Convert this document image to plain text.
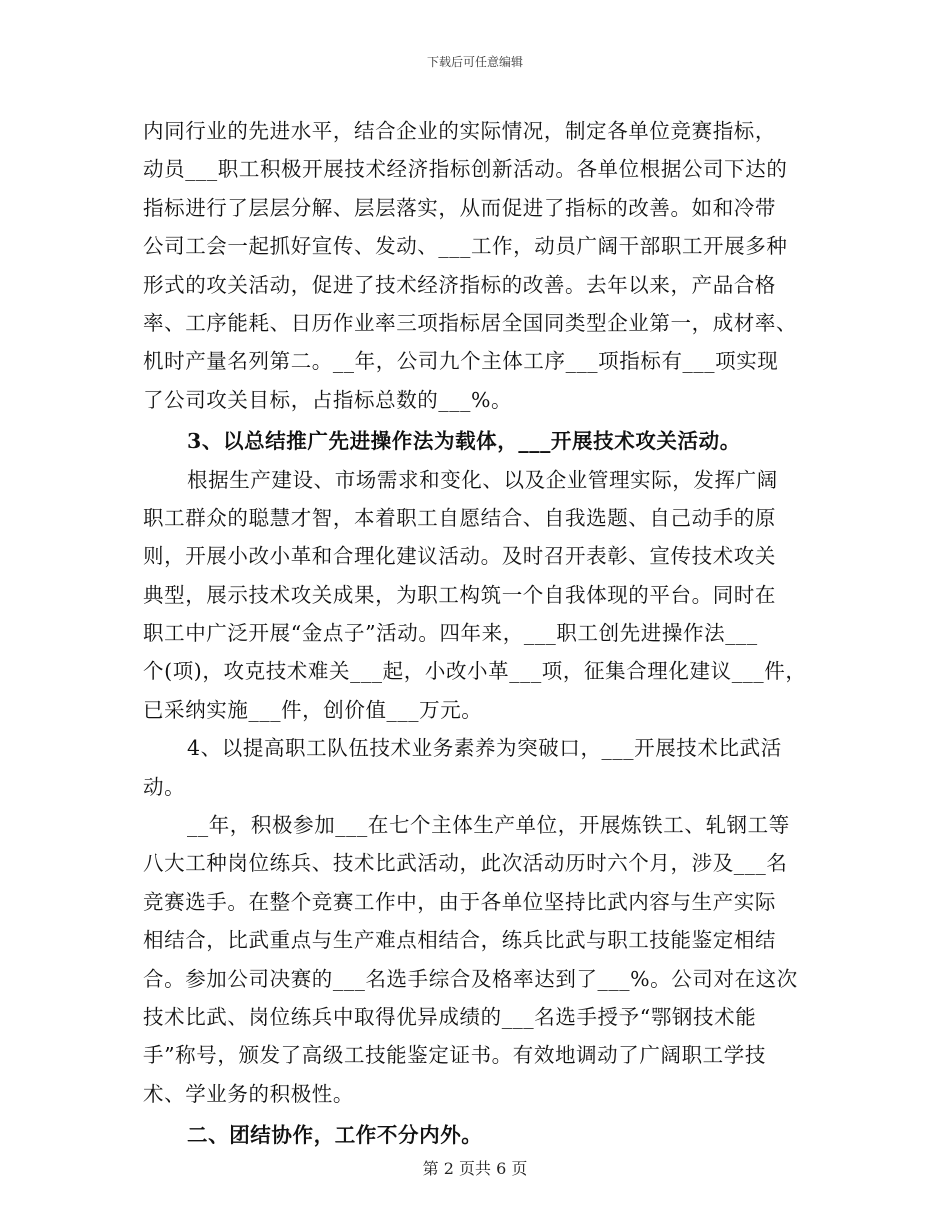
下载后可任意编辑
内同行业的先进水平，结合企业的实际情况，制定各单位竞赛指标，
动员___职工积极开展技术经济指标创新活动。各单位根据公司下达的
指标进行了层层分解、层层落实，从而促进了指标的改善。如和冷带
公司工会一起抓好宣传、发动、___工作，动员广阔干部职工开展多种
形式的攻关活动，促进了技术经济指标的改善。去年以来，产品合格
率、工序能耗、日历作业率三项指标居全国同类型企业第一，成材率、
机时产量名列第二。__年，公司九个主体工序___项指标有___项实现
了公司攻关目标，占指标总数的___%。
3、以总结推广先进操作法为载体，___开展技术攻关活动。
根据生产建设、市场需求和变化、以及企业管理实际，发挥广阔
职工群众的聪慧才智，本着职工自愿结合、自我选题、自己动手的原
则，开展小改小革和合理化建议活动。及时召开表彰、宣传技术攻关
典型，展示技术攻关成果，为职工构筑一个自我体现的平台。同时在
职工中广泛开展“金点子”活动。四年来，___职工创先进操作法___
个(项)，攻克技术难关___起，小改小革___项，征集合理化建议___件，
已采纳实施___件，创价值___万元。
4、以提高职工队伍技术业务素养为突破口，___开展技术比武活
动。
__年，积极参加___在七个主体生产单位，开展炼铁工、轧钢工等
八大工种岗位练兵、技术比武活动，此次活动历时六个月，涉及___名
竞赛选手。在整个竞赛工作中，由于各单位坚持比武内容与生产实际
相结合，比武重点与生产难点相结合，练兵比武与职工技能鉴定相结
合。参加公司决赛的___名选手综合及格率达到了___%。公司对在这次
技术比武、岗位练兵中取得优异成绩的___名选手授予“鄂钢技术能
手”称号，颁发了高级工技能鉴定证书。有效地调动了广阔职工学技
术、学业务的积极性。
二、团结协作，工作不分内外。
第 2 页共 6 页
